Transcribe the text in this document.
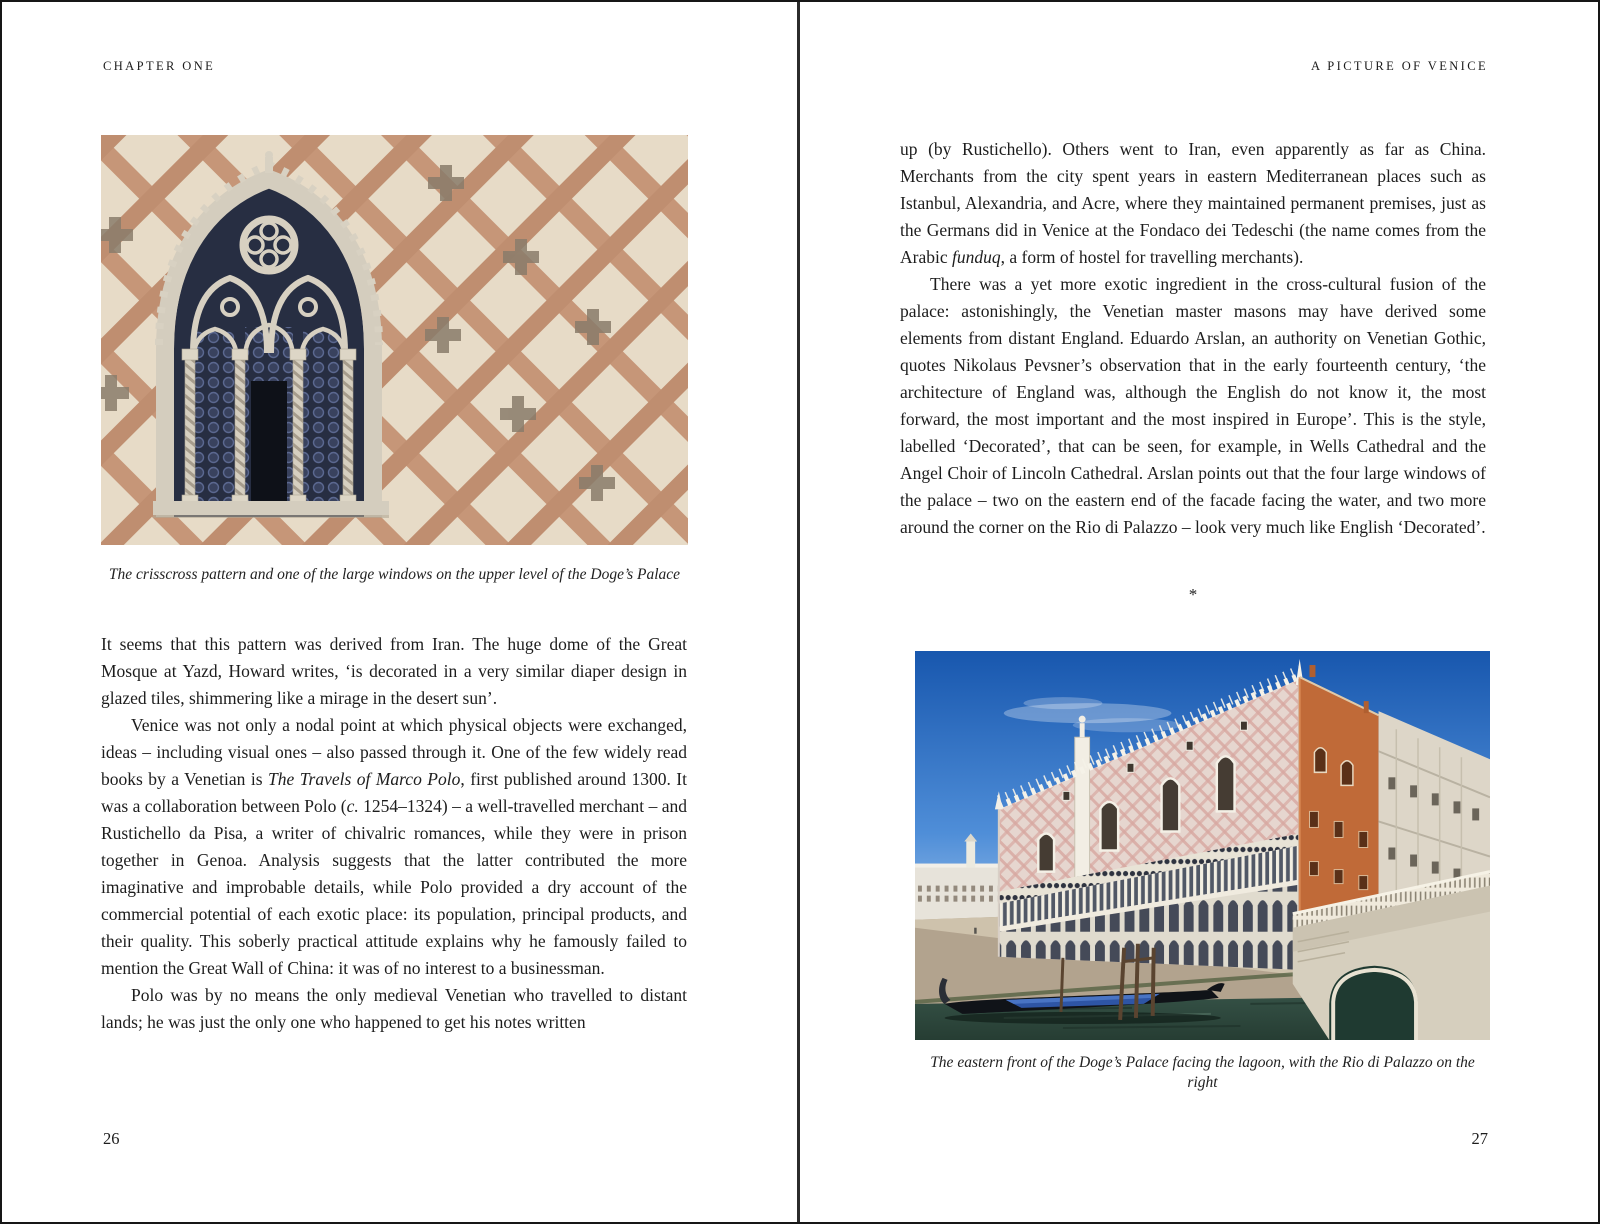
CHAPTER ONE
The crisscross pattern and one of the large windows on the upper level of the Doge’s Palace

It seems that this pattern was derived from Iran. The huge dome of the Great Mosque at Yazd, Howard writes, ‘is decorated in a very similar diaper design in glazed tiles, shimmering like a mirage in the desert sun’.

Venice was not only a nodal point at which physical objects were exchanged, ideas – including visual ones – also passed through it. One of the few widely read books by a Venetian is The Travels of Marco Polo, first published around 1300. It was a collaboration between Polo (c. 1254–1324) – a well-travelled merchant – and Rustichello da Pisa, a writer of chivalric romances, while they were in prison together in Genoa. Analysis suggests that the latter contributed the more imaginative and improbable details, while Polo provided a dry account of the commercial potential of each exotic place: its population, principal products, and their quality. This soberly practical attitude explains why he famously failed to mention the Great Wall of China: it was of no interest to a businessman.

Polo was by no means the only medieval Venetian who travelled to distant lands; he was just the only one who happened to get his notes written

26
A PICTURE OF VENICE

up (by Rustichello). Others went to Iran, even apparently as far as China. Merchants from the city spent years in eastern Mediterranean places such as Istanbul, Alexandria, and Acre, where they maintained permanent premises, just as the Germans did in Venice at the Fondaco dei Tedeschi (the name comes from the Arabic funduq, a form of hostel for travelling merchants).

There was a yet more exotic ingredient in the cross-cultural fusion of the palace: astonishingly, the Venetian master masons may have derived some elements from distant England. Eduardo Arslan, an authority on Venetian Gothic, quotes Nikolaus Pevsner’s observation that in the early fourteenth century, ‘the architecture of England was, although the English do not know it, the most forward, the most important and the most inspired in Europe’. This is the style, labelled ‘Decorated’, that can be seen, for example, in Wells Cathedral and the Angel Choir of Lincoln Cathedral. Arslan points out that the four large windows of the palace – two on the eastern end of the facade facing the water, and two more around the corner on the Rio di Palazzo – look very much like English ‘Decorated’.

*
The eastern front of the Doge’s Palace facing the lagoon, with the Rio di Palazzo on the right
27
